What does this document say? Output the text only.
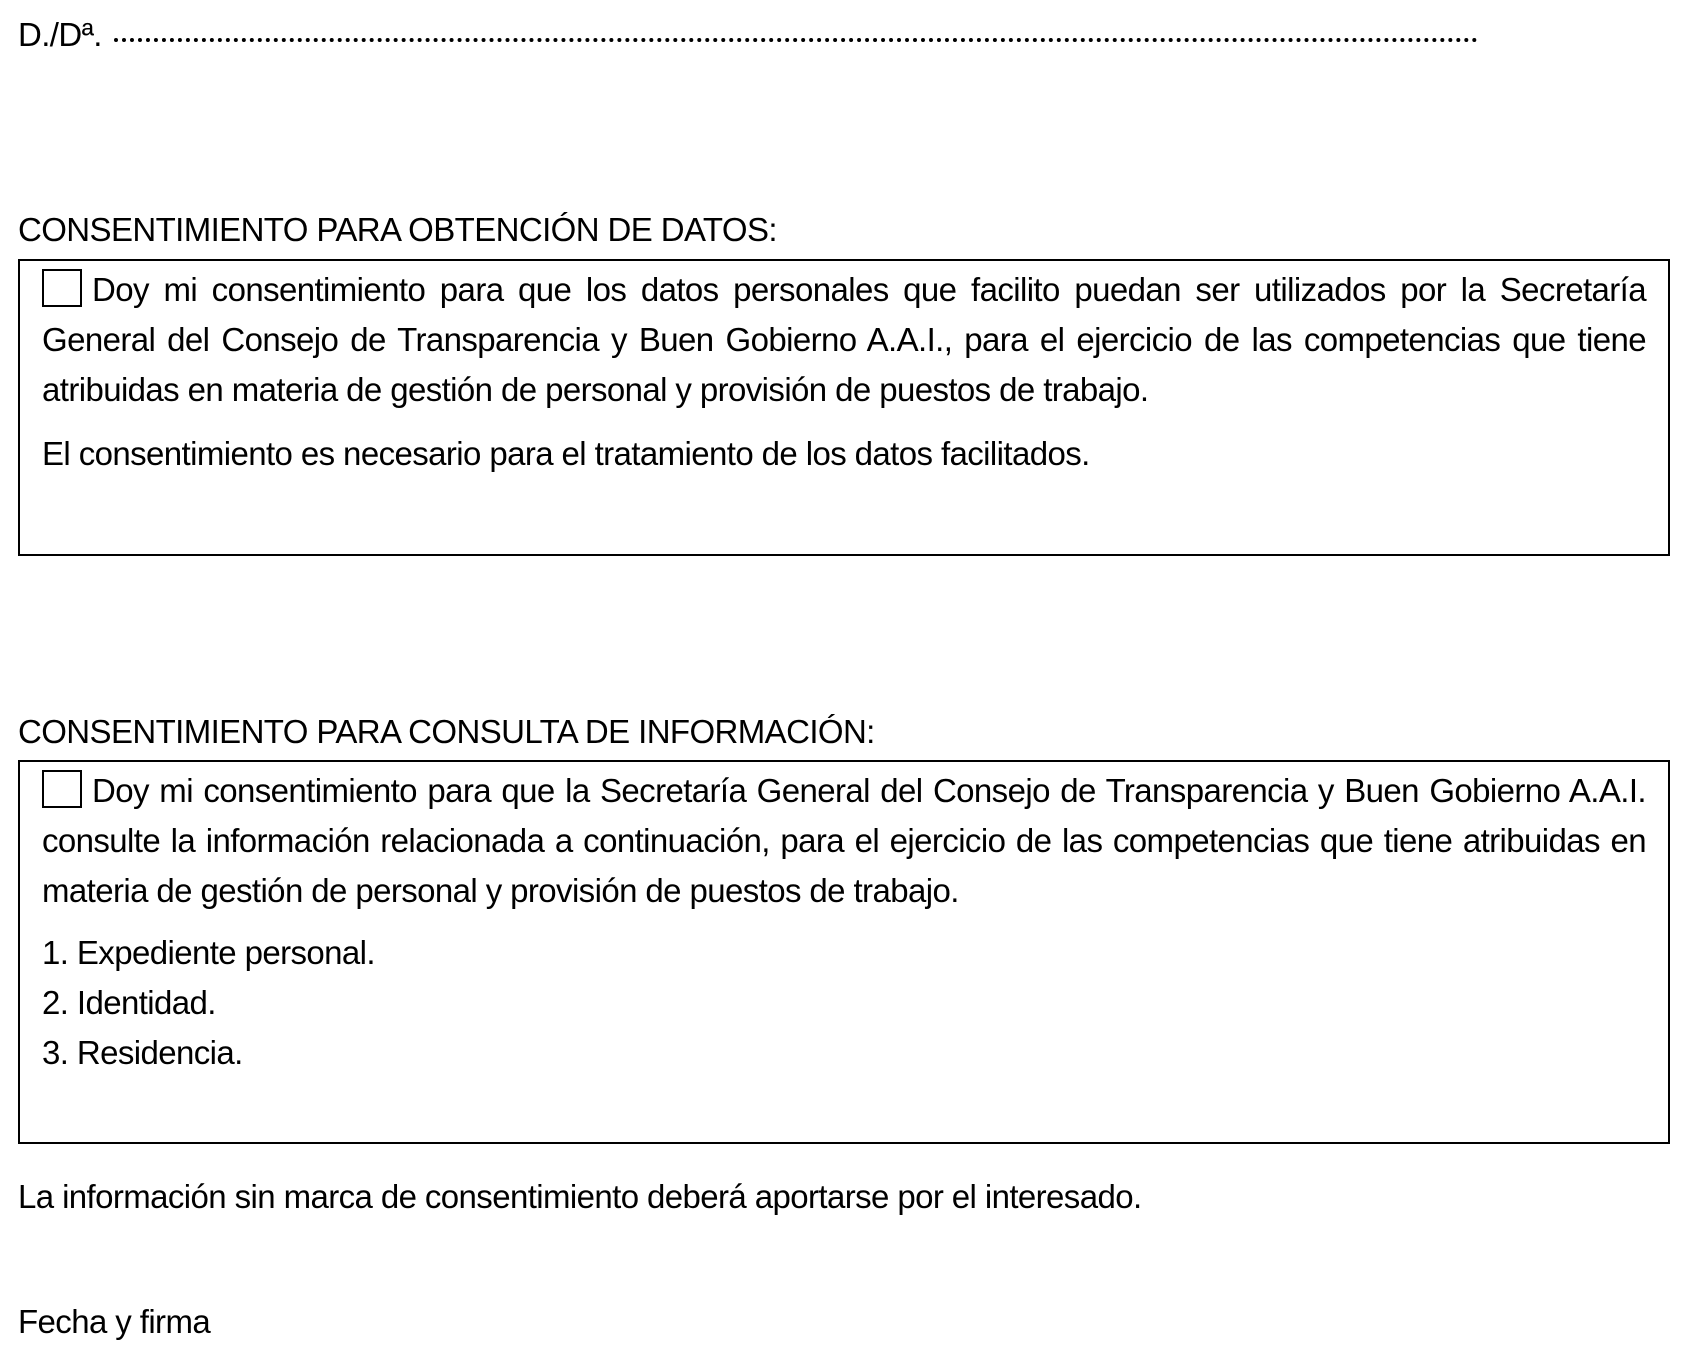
D./Dª.
CONSENTIMIENTO PARA OBTENCIÓN DE DATOS:

Doy mi consentimiento para que los datos personales que facilito puedan ser utilizados por la Secretaría General del Consejo de Transparencia y Buen Gobierno A.A.I., para el ejercicio de las competencias que tiene atribuidas en materia de gestión de personal y provisión de puestos de trabajo.

El consentimiento es necesario para el tratamiento de los datos facilitados.

CONSENTIMIENTO PARA CONSULTA DE INFORMACIÓN:

Doy mi consentimiento para que la Secretaría General del Consejo de Transparencia y Buen Gobierno A.A.I. consulte la información relacionada a continuación, para el ejercicio de las competencias que tiene atribuidas en materia de gestión de personal y provisión de puestos de trabajo.

1. Expediente personal.
2. Identidad.
3. Residencia.
La información sin marca de consentimiento deberá aportarse por el interesado.
Fecha y firma
